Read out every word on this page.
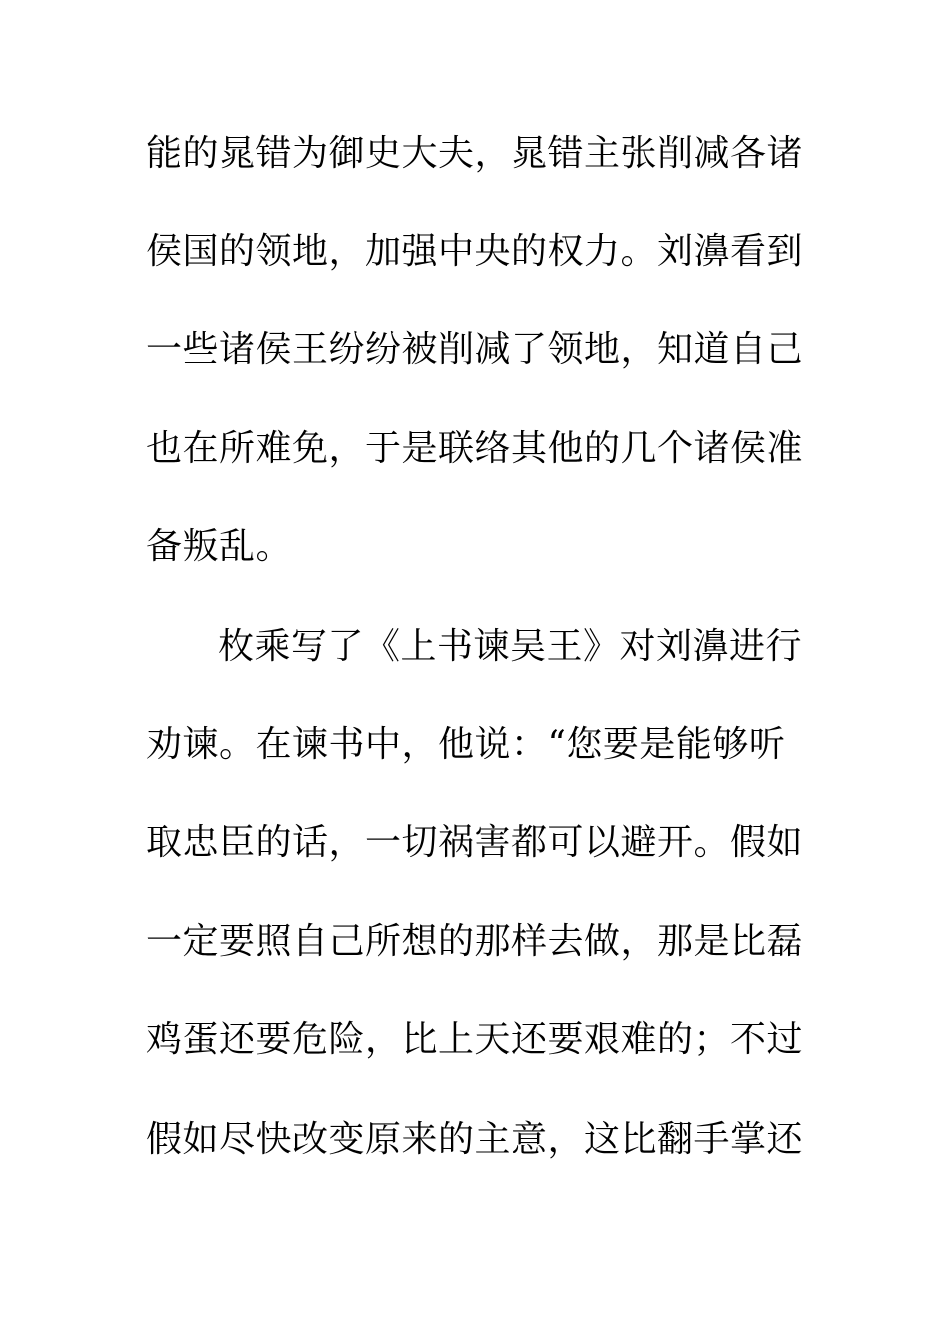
能的晁错为御史大夫，晁错主张削减各诸
侯国的领地，加强中央的权力。刘濞看到
一些诸侯王纷纷被削减了领地，知道自己
也在所难免，于是联络其他的几个诸侯准
备叛乱。
枚乘写了《上书谏吴王》对刘濞进行
劝谏。在谏书中，他说：“您要是能够听
取忠臣的话，一切祸害都可以避开。假如
一定要照自己所想的那样去做，那是比磊
鸡蛋还要危险，比上天还要艰难的；不过
假如尽快改变原来的主意，这比翻手掌还
